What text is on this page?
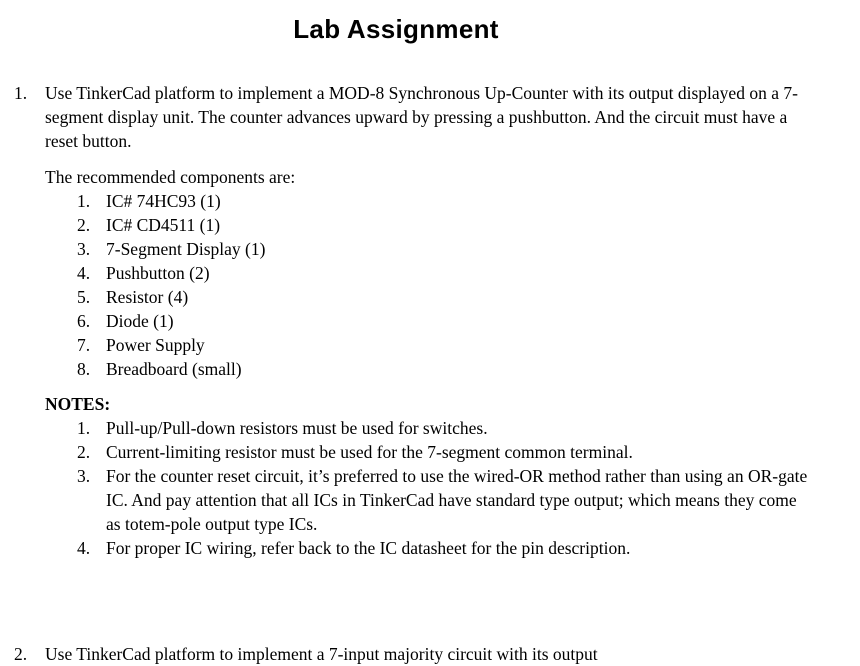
Lab Assignment
1. Use TinkerCad platform to implement a MOD-8 Synchronous Up-Counter with its output displayed on a 7-segment display unit. The counter advances upward by pressing a pushbutton. And the circuit must have a reset button.

The recommended components are:
1. IC# 74HC93 (1)
2. IC# CD4511 (1)
3. 7-Segment Display (1)
4. Pushbutton (2)
5. Resistor (4)
6. Diode (1)
7. Power Supply
8. Breadboard (small)
NOTES:
1. Pull-up/Pull-down resistors must be used for switches.
2. Current-limiting resistor must be used for the 7-segment common terminal.
3. For the counter reset circuit, it’s preferred to use the wired-OR method rather than using an OR-gate IC. And pay attention that all ICs in TinkerCad have standard type output; which means they come as totem-pole output type ICs.
4. For proper IC wiring, refer back to the IC datasheet for the pin description.
2. Use TinkerCad platform to implement a 7-input majority circuit with its output
